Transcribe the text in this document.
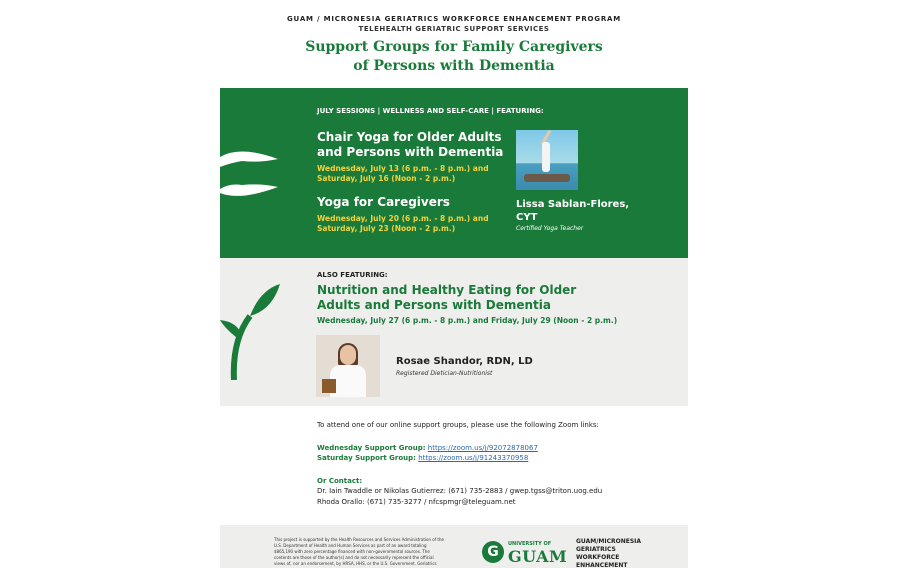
GUAM / MICRONESIA GERIATRICS WORKFORCE ENHANCEMENT PROGRAM
TELEHEALTH GERIATRIC SUPPORT SERVICES
Support Groups for Family Caregivers
of Persons with Dementia
JULY SESSIONS | WELLNESS AND SELF-CARE | FEATURING:
Chair Yoga for Older Adults
and Persons with Dementia
Wednesday, July 13 (6 p.m. - 8 p.m.) and
Saturday, July 16 (Noon - 2 p.m.)
Yoga for Caregivers
Wednesday, July 20 (6 p.m. - 8 p.m.) and
Saturday, July 23 (Noon - 2 p.m.)
Lissa Sablan-Flores,
CYT
Certified Yoga Teacher
ALSO FEATURING:
Nutrition and Healthy Eating for Older
Adults and Persons with Dementia
Wednesday, July 27 (6 p.m. - 8 p.m.) and Friday, July 29 (Noon - 2 p.m.)
Rosae Shandor, RDN, LD
Registered Dietician-Nutritionist
To attend one of our online support groups, please use the following Zoom links:
Wednesday Support Group: https://zoom.us/j/92072878067
Saturday Support Group: https://zoom.us/j/91243370958
Or Contact:
Dr. Iain Twaddle or Nikolas Gutierrez: (671) 735-2883 / gwep.tgss@triton.uog.edu
Rhoda Orallo: (671) 735-3277 / nfcspmgr@teleguam.net
This project is supported by the Health Resources and Services Administration of the U.S. Department of Health and Human Services as part of an award totaling $865,190 with zero percentage financed with non-governmental sources. The contents are those of the author(s) and do not necessarily represent the official views of, nor an endorsement, by HRSA, HHS, or the U.S. Government. Geriatrics
G	UNIVERSITY OF
GUAM
GUAM/MICRONESIA
GERIATRICS
WORKFORCE
ENHANCEMENT
